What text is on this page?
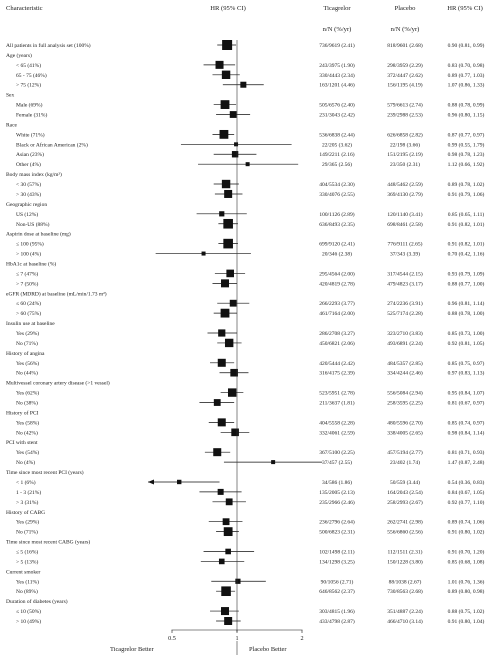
Characteristic	HR (95% CI)	Ticagrelor	Placebo	HR (95% CI)
n/N (%/yr)	n/N (%/yr)
All patients in full analysis set (100%)	736/9619 (2.41)	818/9601 (2.68)	0.90 (0.81, 0.99)
Age (years)
< 65 (41%)	243/3975 (1.90)	298/3959 (2.29)	0.83 (0.70, 0.98)
65 - 75 (46%)	330/4443 (2.34)	372/4447 (2.62)	0.89 (0.77, 1.03)
> 75 (12%)	163/1201 (4.46)	156/1195 (4.19)	1.07 (0.86, 1.33)
Sex
Male (69%)	505/6576 (2.40)	579/6613 (2.74)	0.88 (0.78, 0.99)
Female (31%)	231/3043 (2.42)	239/2988 (2.53)	0.96 (0.80, 1.15)
Race
White (71%)	536/6838 (2.44)	626/6858 (2.82)	0.87 (0.77, 0.97)
Black or African American (2%)	22/205 (3.62)	22/198 (3.66)	0.99 (0.55, 1.79)
Asian (23%)	149/2211 (2.16)	151/2195 (2.19)	0.98 (0.78, 1.23)
Other (4%)	29/365 (2.56)	23/350 (2.31)	1.12 (0.66, 1.92)
Body mass index (kg/m²)
< 30 (57%)	404/5534 (2.30)	448/5462 (2.59)	0.89 (0.78, 1.02)
> 30 (43%)	330/4076 (2.55)	369/4130 (2.79)	0.91 (0.79, 1.06)
Geographic region
US (12%)	100/1126 (2.89)	120/1140 (3.41)	0.85 (0.65, 1.11)
Non-US (88%)	636/8493 (2.35)	698/8461 (2.58)	0.91 (0.82, 1.01)
Aspirin dose at baseline (mg)
≤ 100 (95%)	699/9120 (2.41)	776/9111 (2.65)	0.91 (0.82, 1.01)
> 100 (4%)	20/346 (2.38)	37/343 (3.39)	0.70 (0.42, 1.16)
HbA1c at baseline (%)
≤ 7 (47%)	295/4564 (2.00)	317/4544 (2.15)	0.93 (0.79, 1.09)
> 7 (50%)	420/4819 (2.78)	479/4823 (3.17)	0.88 (0.77, 1.00)
eGFR (MDRD) at baseline (mL/min/1.73 m²)
≤ 60 (24%)	266/2293 (3.77)	274/2236 (3.91)	0.96 (0.81, 1.14)
> 60 (75%)	461/7164 (2.00)	525/7174 (2.28)	0.88 (0.78, 1.00)
Insulin use at baseline
Yes (29%)	286/2708 (3.27)	323/2710 (3.83)	0.85 (0.73, 1.00)
No (71%)	450/6821 (2.06)	493/6891 (2.24)	0.92 (0.81, 1.05)
History of angina
Yes (56%)	420/5444 (2.42)	484/5357 (2.85)	0.85 (0.75, 0.97)
No (44%)	316/4175 (2.39)	334/4244 (2.46)	0.97 (0.83, 1.13)
Multivessel coronary artery disease (>1 vessel)
Yes (62%)	523/5951 (2.78)	556/5084 (2.94)	0.95 (0.84, 1.07)
No (38%)	211/3637 (1.81)	258/3595 (2.25)	0.81 (0.67, 0.97)
History of PCI
Yes (58%)	404/5558 (2.28)	480/5596 (2.70)	0.85 (0.74, 0.97)
No (42%)	332/4061 (2.59)	338/4005 (2.65)	0.98 (0.84, 1.14)
PCI with stent
Yes (54%)	367/5100 (2.25)	457/5194 (2.77)	0.81 (0.71, 0.93)
No (4%)	37/457 (2.55)	23/402 (1.74)	1.47 (0.87, 2.48)
Time since most recent PCI (years)
< 1 (6%)	34/586 (1.86)	50/559 (3.44)	0.54 (0.36, 0.83)
1 - 3 (21%)	135/2005 (2.13)	164/2043 (2.54)	0.84 (0.67, 1.05)
> 3 (31%)	235/2966 (2.46)	258/2993 (2.67)	0.92 (0.77, 1.10)
History of CABG
Yes (29%)	236/2796 (2.64)	262/2741 (2.98)	0.89 (0.74, 1.06)
No (71%)	500/6823 (2.31)	556/6860 (2.56)	0.91 (0.80, 1.02)
Time since most recent CABG (years)
≤ 5 (16%)	102/1498 (2.11)	112/1511 (2.31)	0.91 (0.70, 1.20)
> 5 (13%)	134/1298 (3.25)	150/1228 (3.80)	0.85 (0.68, 1.08)
Current smoker
Yes (11%)	90/1056 (2.71)	88/1038 (2.67)	1.01 (0.76, 1.36)
No (89%)	646/8562 (2.37)	730/8563 (2.68)	0.89 (0.80, 0.98)
Duration of diabetes (years)
≤ 10 (50%)	303/4815 (1.96)	351/4887 (2.24)	0.88 (0.75, 1.02)
> 10 (49%)	433/4798 (2.87)	466/4710 (3.14)	0.91 (0.80, 1.04)
0.5	1	2
Ticagrelor Better	Placebo Better
